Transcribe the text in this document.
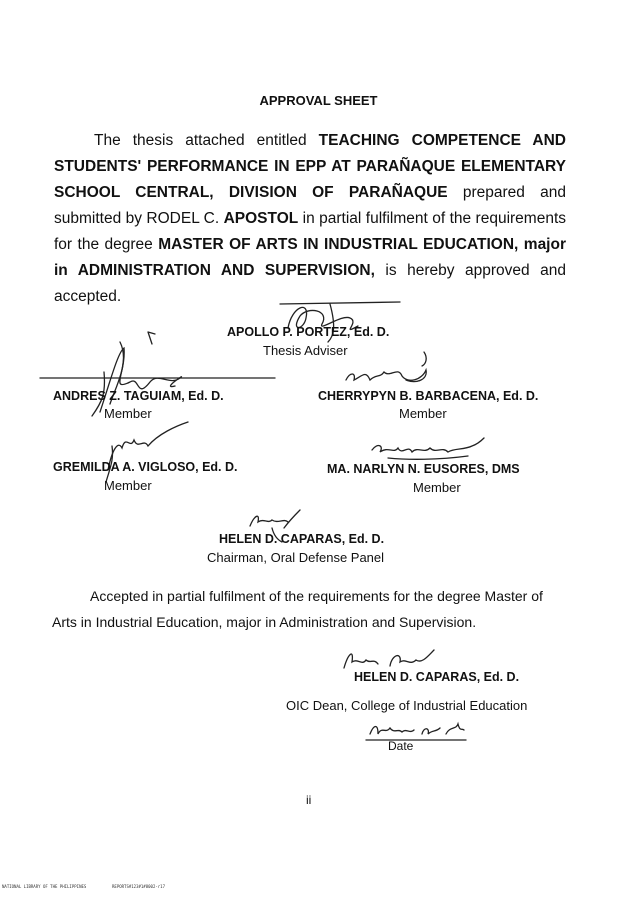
APPROVAL SHEET
The thesis attached entitled TEACHING COMPETENCE AND
STUDENTS' PERFORMANCE IN EPP AT PARAÑAQUE ELEMENTARY
SCHOOL CENTRAL, DIVISION OF PARAÑAQUE prepared and
submitted by RODEL C. APOSTOL in partial fulfilment of the requirements
for the degree MASTER OF ARTS IN INDUSTRIAL EDUCATION, major
in ADMINISTRATION AND SUPERVISION, is hereby approved and
accepted.
APOLLO P. PORTEZ, Ed. D.
Thesis Adviser
ANDRES Z. TAGUIAM, Ed. D.
Member
CHERRYPYN B. BARBACENA, Ed. D.
Member
GREMILDA A. VIGLOSO, Ed. D.
Member
MA. NARLYN N. EUSORES, DMS
Member
HELEN D. CAPARAS, Ed. D.
Chairman, Oral Defense Panel
Accepted in partial fulfilment of the requirements for the degree Master of
Arts in Industrial Education, major in Administration and Supervision.
HELEN D. CAPARAS, Ed. D.
OIC Dean, College of Industrial Education
Date
ii
NATIONAL LIBRARY OF THE PHILIPPINES	REPORTS#123#1#8002-r17
